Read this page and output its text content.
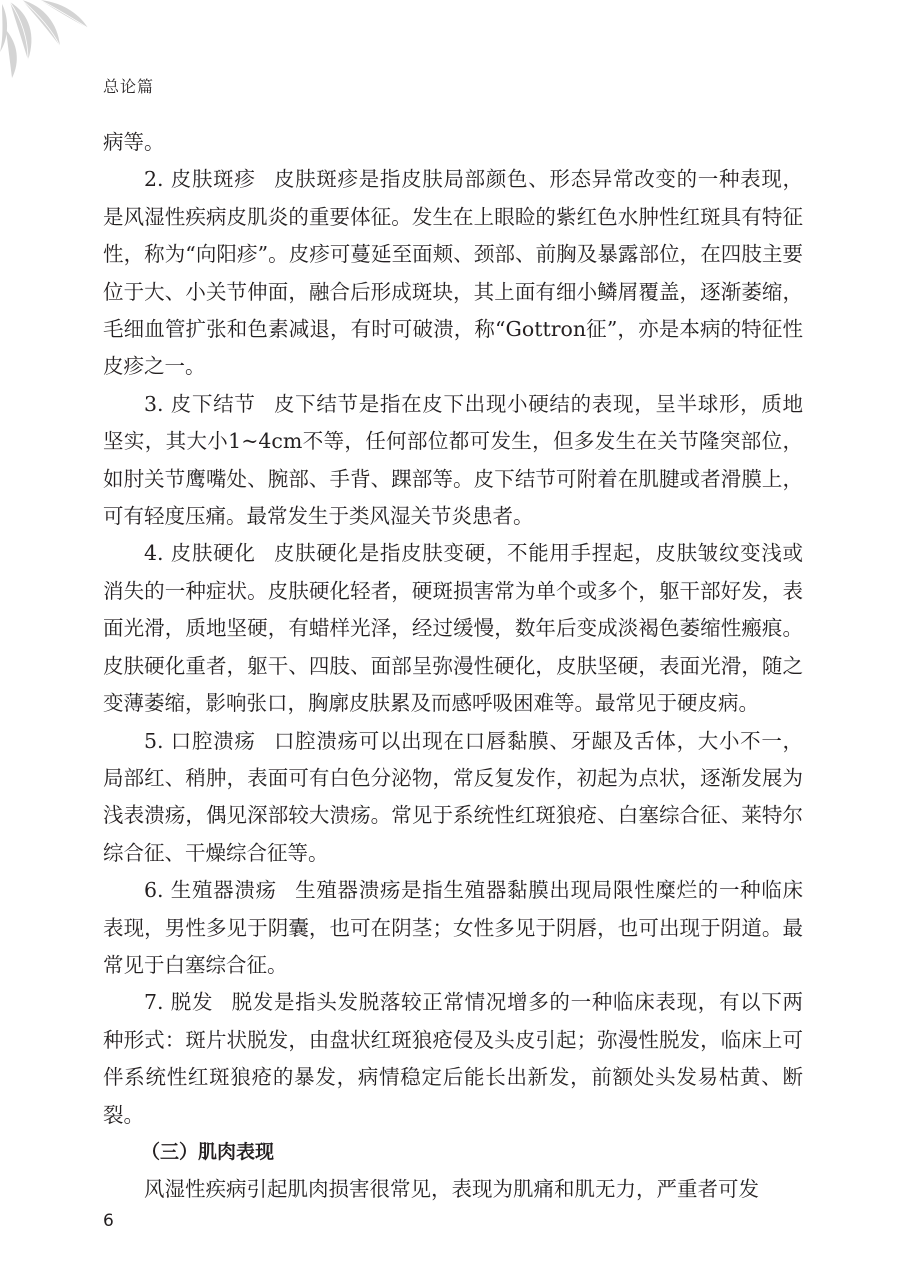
总论篇

病等。

2. 皮肤斑疹 皮肤斑疹是指皮肤局部颜色、形态异常改变的一种表现，是风湿性疾病皮肌炎的重要体征。发生在上眼睑的紫红色水肿性红斑具有特征性，称为“向阳疹”。皮疹可蔓延至面颊、颈部、前胸及暴露部位，在四肢主要位于大、小关节伸面，融合后形成斑块，其上面有细小鳞屑覆盖，逐渐萎缩，毛细血管扩张和色素减退，有时可破溃，称“Gottron征”，亦是本病的特征性皮疹之一。

3. 皮下结节 皮下结节是指在皮下出现小硬结的表现，呈半球形，质地坚实，其大小1~4cm不等，任何部位都可发生，但多发生在关节隆突部位，如肘关节鹰嘴处、腕部、手背、踝部等。皮下结节可附着在肌腱或者滑膜上，可有轻度压痛。最常发生于类风湿关节炎患者。

4. 皮肤硬化 皮肤硬化是指皮肤变硬，不能用手捏起，皮肤皱纹变浅或消失的一种症状。皮肤硬化轻者，硬斑损害常为单个或多个，躯干部好发，表面光滑，质地坚硬，有蜡样光泽，经过缓慢，数年后变成淡褐色萎缩性瘢痕。皮肤硬化重者，躯干、四肢、面部呈弥漫性硬化，皮肤坚硬，表面光滑，随之变薄萎缩，影响张口，胸廓皮肤累及而感呼吸困难等。最常见于硬皮病。

5. 口腔溃疡 口腔溃疡可以出现在口唇黏膜、牙龈及舌体，大小不一，局部红、稍肿，表面可有白色分泌物，常反复发作，初起为点状，逐渐发展为浅表溃疡，偶见深部较大溃疡。常见于系统性红斑狼疮、白塞综合征、莱特尔综合征、干燥综合征等。

6. 生殖器溃疡 生殖器溃疡是指生殖器黏膜出现局限性糜烂的一种临床表现，男性多见于阴囊，也可在阴茎；女性多见于阴唇，也可出现于阴道。最常见于白塞综合征。

7. 脱发 脱发是指头发脱落较正常情况增多的一种临床表现，有以下两种形式：斑片状脱发，由盘状红斑狼疮侵及头皮引起；弥漫性脱发，临床上可伴系统性红斑狼疮的暴发，病情稳定后能长出新发，前额处头发易枯黄、断裂。

（三）肌肉表现

风湿性疾病引起肌肉损害很常见，表现为肌痛和肌无力，严重者可发

6
